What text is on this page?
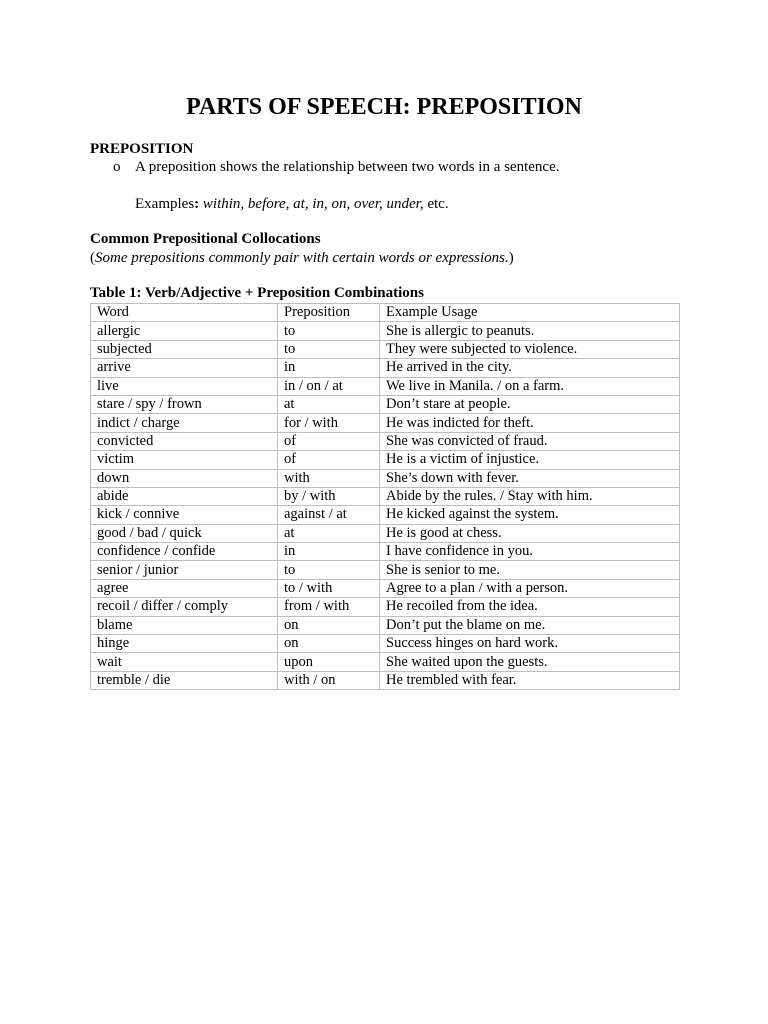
PARTS OF SPEECH: PREPOSITION
PREPOSITION
o A preposition shows the relationship between two words in a sentence.
Examples: within, before, at, in, on, over, under, etc.
Common Prepositional Collocations
(Some prepositions commonly pair with certain words or expressions.)
Table 1: Verb/Adjective + Preposition Combinations
Word	Preposition	Example Usage
allergic	to	She is allergic to peanuts.
subjected	to	They were subjected to violence.
arrive	in	He arrived in the city.
live	in / on / at	We live in Manila. / on a farm.
stare / spy / frown	at	Don’t stare at people.
indict / charge	for / with	He was indicted for theft.
convicted	of	She was convicted of fraud.
victim	of	He is a victim of injustice.
down	with	She’s down with fever.
abide	by / with	Abide by the rules. / Stay with him.
kick / connive	against / at	He kicked against the system.
good / bad / quick	at	He is good at chess.
confidence / confide	in	I have confidence in you.
senior / junior	to	She is senior to me.
agree	to / with	Agree to a plan / with a person.
recoil / differ / comply	from / with	He recoiled from the idea.
blame	on	Don’t put the blame on me.
hinge	on	Success hinges on hard work.
wait	upon	She waited upon the guests.
tremble / die	with / on	He trembled with fear.
